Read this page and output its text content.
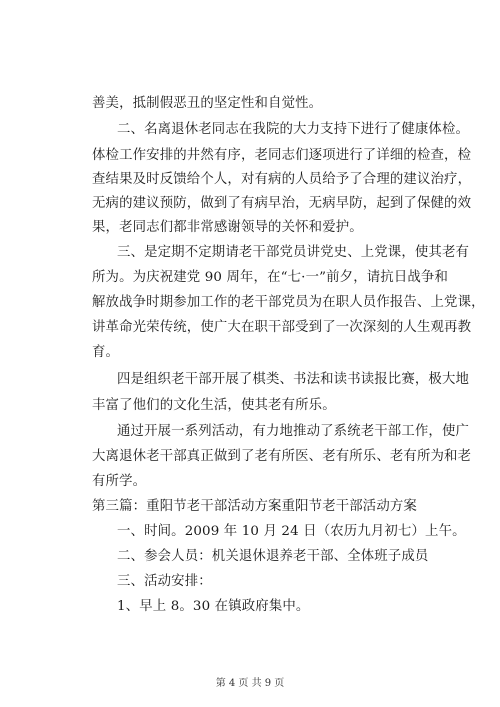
善美，抵制假恶丑的坚定性和自觉性。
二、名离退休老同志在我院的大力支持下进行了健康体检。
体检工作安排的井然有序，老同志们逐项进行了详细的检查，检
查结果及时反馈给个人，对有病的人员给予了合理的建议治疗，
无病的建议预防，做到了有病早治，无病早防，起到了保健的效
果，老同志们都非常感谢领导的关怀和爱护。
三、是定期不定期请老干部党员讲党史、上党课，使其老有
所为。为庆祝建党 90 周年，在“七·一”前夕，请抗日战争和
解放战争时期参加工作的老干部党员为在职人员作报告、上党课，
讲革命光荣传统，使广大在职干部受到了一次深刻的人生观再教
育。
四是组织老干部开展了棋类、书法和读书读报比赛，极大地
丰富了他们的文化生活，使其老有所乐。
通过开展一系列活动，有力地推动了系统老干部工作，使广
大离退休老干部真正做到了老有所医、老有所乐、老有所为和老
有所学。
第三篇：重阳节老干部活动方案重阳节老干部活动方案
一、时间。2009 年 10 月 24 日（农历九月初七）上午。
二、参会人员：机关退休退养老干部、全体班子成员
三、活动安排：
1、早上 8。30 在镇政府集中。
第 4 页 共 9 页
